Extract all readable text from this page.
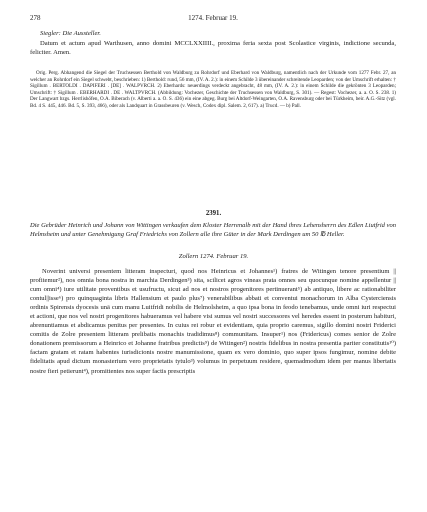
278	1274. Februar 19.
Siegler: Die Aussteller.

Datum et actum apud Warthusen, anno domini MCCLXXIIII., proxima feria sexta post Scolastice virginis, indictione secunda, feliciter. Amen.

Orig. Perg. Abhangend die Siegel der Truchsessen Berthold von Waldburg zu Rohrdorf und Eberhard von Waldburg, namentlich nach der Urkunde vom 1277 Febr. 27, an welcher an Rohrdorf ein Siegel schwebt, beschrieben: 1) Berthold: rund, 56 mm, (IV. A. 2.): in einem Schilde 3 übereinander schreitende Leoparden; von der Umschrift erhalten: † Sigillum . BERTOLDI . DAPIFERI . [DE] . WALPVRCH. 2) Eberhards: neuerdings verdeckt angebracht, 48 mm, (IV. A. 2.): in einem Schilde die gekrönten 3 Leoparden; Umschrift: † Sigillum . EBERHARDI . DE . WALTPVRCH. (Abbildung: Vochezer, Geschichte der Truchsessen von Waldburg, S. 301). — Regest: Vochezer, a. a. O. S. 238. 1) Der Langwart bzgs. Herrlishöfen, O.A. Biberach (v. Alberti a. a. O. S. 436) ein eine abgeg. Burg bei Altdorf-Weingarten, O.A. Ravensburg oder bei Türkheim, beir. A.G.-Sitz (vgl. Bd. 4 S. 445, 446. Bd. 5, S. 393, 466), oder als Landquart in Grassbeuren (v. Wesch, Codex dipl. Salem. 2, 617). a) Trucd. — b) Pall.

2391.

Die Gebrüder Heinrich und Johann von Wittingen verkaufen dem Kloster Herrenalb mit der Hand ihres Lehensherrn des Edlen Liutfrid von Helmsheim und unter Genehmigung Graf Friedrichs von Zollern alle ihre Güter in der Mark Derdingen um 50 ℔ Heller.

Zollern 1274. Februar 19.

Noverint universi presentem litteram inspecturi, quod nos Heinricus et Johannes¹) fratres de Witingen tenore presentium || profitemur²), nos omnia bona nostra in marchia Derdingen³) sita, scilicet agros vineas prata omnes seu quocunque nomine appellentur || cum omni⁴) iure utilitate proventibus et usufructu, sicut ad nos et nostros progenitores pertinuerant⁵) ab antiquo, libere ac rationabiliter contul||isse⁶) pro quinquaginta libris Hallensium et paulo plus⁷) venerabilibus abbati et conventui monachorum in Alba Cysterciensis ordinis Spirensis dyocesis unā cum manu Luitfridi nobilis de Helmolsheim, a quo ipsa bona in feodo tenebamus, unde omni iuri respectui et actioni, que nos vel nostri progenitores habueramus vel habere visi sumus vel nostri successores vel heredes essent in posterum habituri, abrenuntiamus et abdicamus penitus per presentes. In cuius rei robur et evidentiam, quia proprio caremus, sigillo domini nostri Friderici comitis de Zolre presentem litteram prelibatis monachis tradidimus⁸) communitam. Insuper¹) nos (Fridericus) comes senior de Zolre donationem premissorum a Heinrico et Johanne fratribus predictis⁹) de Witingen²) nostris fidelibus in nostra presentia pariter constitutis¹⁰) factam gratam et ratam habentes iurisdicionis nostre manumissione, quam ex vero dominio, quo super ipsos fungimur, nomine debite fidelitatis apud dictum monasterium vero proprietatis tytulo³) volumus in perpetuum residere, quemadmodum idem per manus libertatis nostre fieri petierunt⁴), promittentes nos super factis prescriptis
